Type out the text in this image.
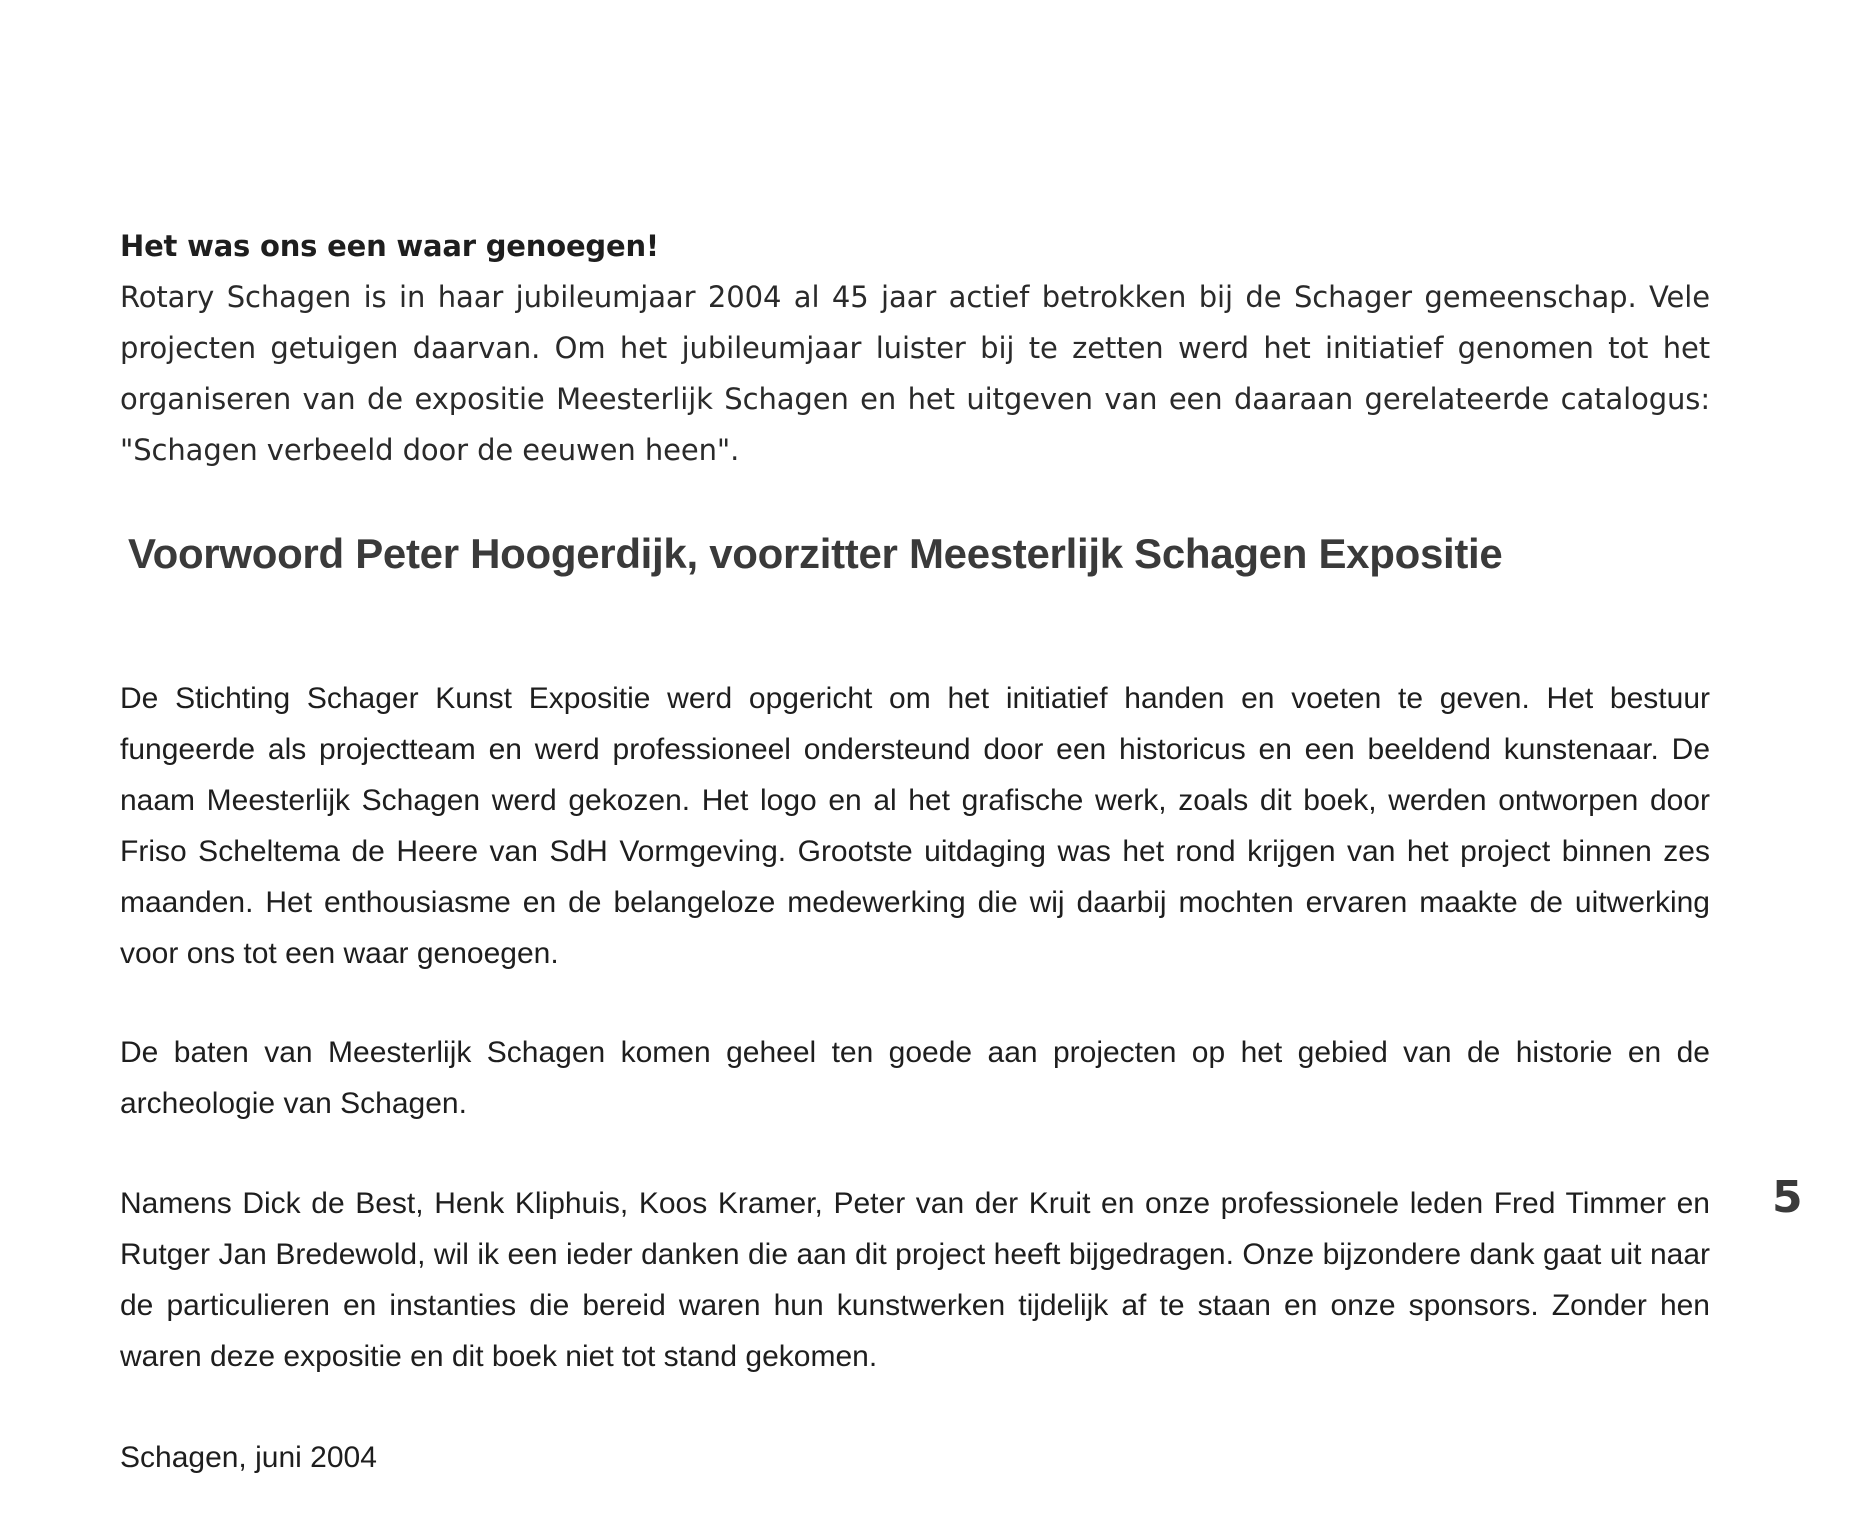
Het was ons een waar genoegen!

Rotary Schagen is in haar jubileumjaar 2004 al 45 jaar actief betrokken bij de Schager gemeenschap. Vele projecten getuigen daarvan. Om het jubileumjaar luister bij te zetten werd het initiatief genomen tot het organiseren van de expositie Meesterlijk Schagen en het uitgeven van een daaraan gerelateerde catalogus: "Schagen verbeeld door de eeuwen heen".

Voorwoord Peter Hoogerdijk, voorzitter Meesterlijk Schagen Expositie

De Stichting Schager Kunst Expositie werd opgericht om het initiatief handen en voeten te geven. Het bestuur fungeerde als projectteam en werd professioneel ondersteund door een historicus en een beeldend kunstenaar. De naam Meesterlijk Schagen werd gekozen. Het logo en al het grafische werk, zoals dit boek, werden ontworpen door Friso Scheltema de Heere van SdH Vormgeving. Grootste uitdaging was het rond krijgen van het project binnen zes maanden. Het enthousiasme en de belangeloze medewerking die wij daarbij mochten ervaren maakte de uitwerking voor ons tot een waar genoegen.

De baten van Meesterlijk Schagen komen geheel ten goede aan projecten op het gebied van de historie en de archeologie van Schagen.

Namens Dick de Best, Henk Kliphuis, Koos Kramer, Peter van der Kruit en onze professionele leden Fred Timmer en Rutger Jan Bredewold, wil ik een ieder danken die aan dit project heeft bijgedragen. Onze bijzondere dank gaat uit naar de particulieren en instanties die bereid waren hun kunstwerken tijdelijk af te staan en onze sponsors. Zonder hen waren deze expositie en dit boek niet tot stand gekomen.

Schagen, juni 2004

5
